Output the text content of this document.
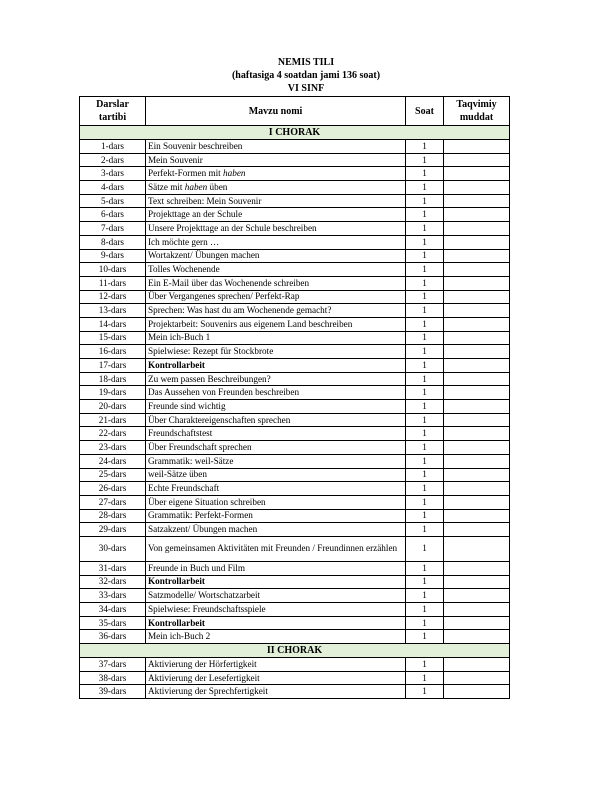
NEMIS TILI
(haftasiga 4 soatdan jami 136 soat)
VI SINF
Darslar tartibi	Mavzu nomi	Soat	Taqvimiy muddat
I CHORAK			
1-dars	Ein Souvenir beschreiben	1	
2-dars	Mein Souvenir	1	
3-dars	Perfekt-Formen mit haben	1	
4-dars	Sätze mit haben üben	1	
5-dars	Text schreiben: Mein Souvenir	1	
6-dars	Projekttage an der Schule	1	
7-dars	Unsere Projekttage an der Schule beschreiben	1	
8-dars	Ich möchte gern …	1	
9-dars	Wortakzent/ Übungen machen	1	
10-dars	Tolles Wochenende	1	
11-dars	Ein E-Mail über das Wochenende schreiben	1	
12-dars	Über Vergangenes sprechen/ Perfekt-Rap	1	
13-dars	Sprechen: Was hast du am Wochenende gemacht?	1	
14-dars	Projektarbeit: Souvenirs aus eigenem Land beschreiben	1	
15-dars	Mein ich-Buch 1	1	
16-dars	Spielwiese: Rezept für Stockbrote	1	
17-dars	Kontrollarbeit	1	
18-dars	Zu wem passen Beschreibungen?	1	
19-dars	Das Aussehen von Freunden beschreiben	1	
20-dars	Freunde sind wichtig	1	
21-dars	Über Charaktereigenschaften sprechen	1	
22-dars	Freundschaftstest	1	
23-dars	Über Freundschaft sprechen	1	
24-dars	Grammatik: weil-Sätze	1	
25-dars	weil-Sätze üben	1	
26-dars	Echte Freundschaft	1	
27-dars	Über eigene Situation schreiben	1	
28-dars	Grammatik: Perfekt-Formen	1	
29-dars	Satzakzent/ Übungen machen	1	
30-dars	Von gemeinsamen Aktivitäten mit Freunden / Freundinnen erzählen	1	
31-dars	Freunde in Buch und Film	1	
32-dars	Kontrollarbeit	1	
33-dars	Satzmodelle/ Wortschatzarbeit	1	
34-dars	Spielwiese: Freundschaftsspiele	1	
35-dars	Kontrollarbeit	1	
36-dars	Mein ich-Buch 2	1	
II CHORAK			
37-dars	Aktivierung der Hörfertigkeit	1	
38-dars	Aktivierung der Lesefertigkeit	1	
39-dars	Aktivierung der Sprechfertigkeit	1	
